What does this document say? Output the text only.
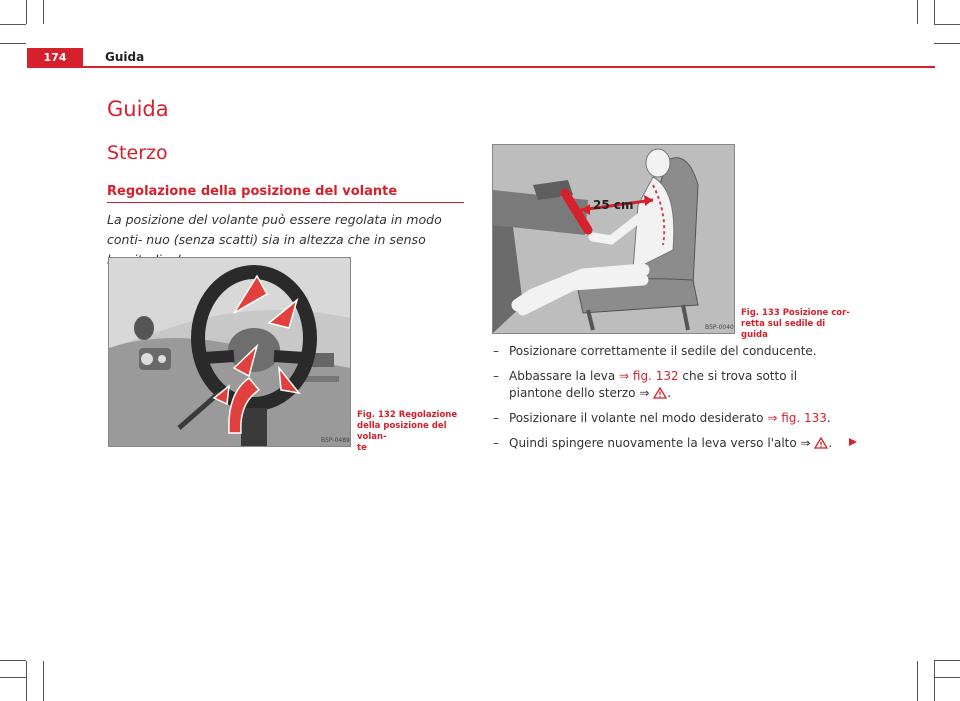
174	Guida
Guida
Sterzo
Regolazione della posizione del volante
La posizione del volante può essere regolata in modo conti- nuo (senza scatti) sia in altezza che in senso
B5P-0489
Fig. 132 Regolazione
della posizione del volan-
te
25 cm
B5P-0040
Fig. 133 Posizione cor-
retta sul sedile di guida
– Posizionare correttamente il sedile del conducente.
– Abbassare la leva ⇒ fig. 132 che si trova sotto il piantone dello sterzo ⇒ .
– Posizionare il volante nel modo desiderato ⇒ fig. 133.
– Quindi spingere nuovamente la leva verso l'alto ⇒ .
